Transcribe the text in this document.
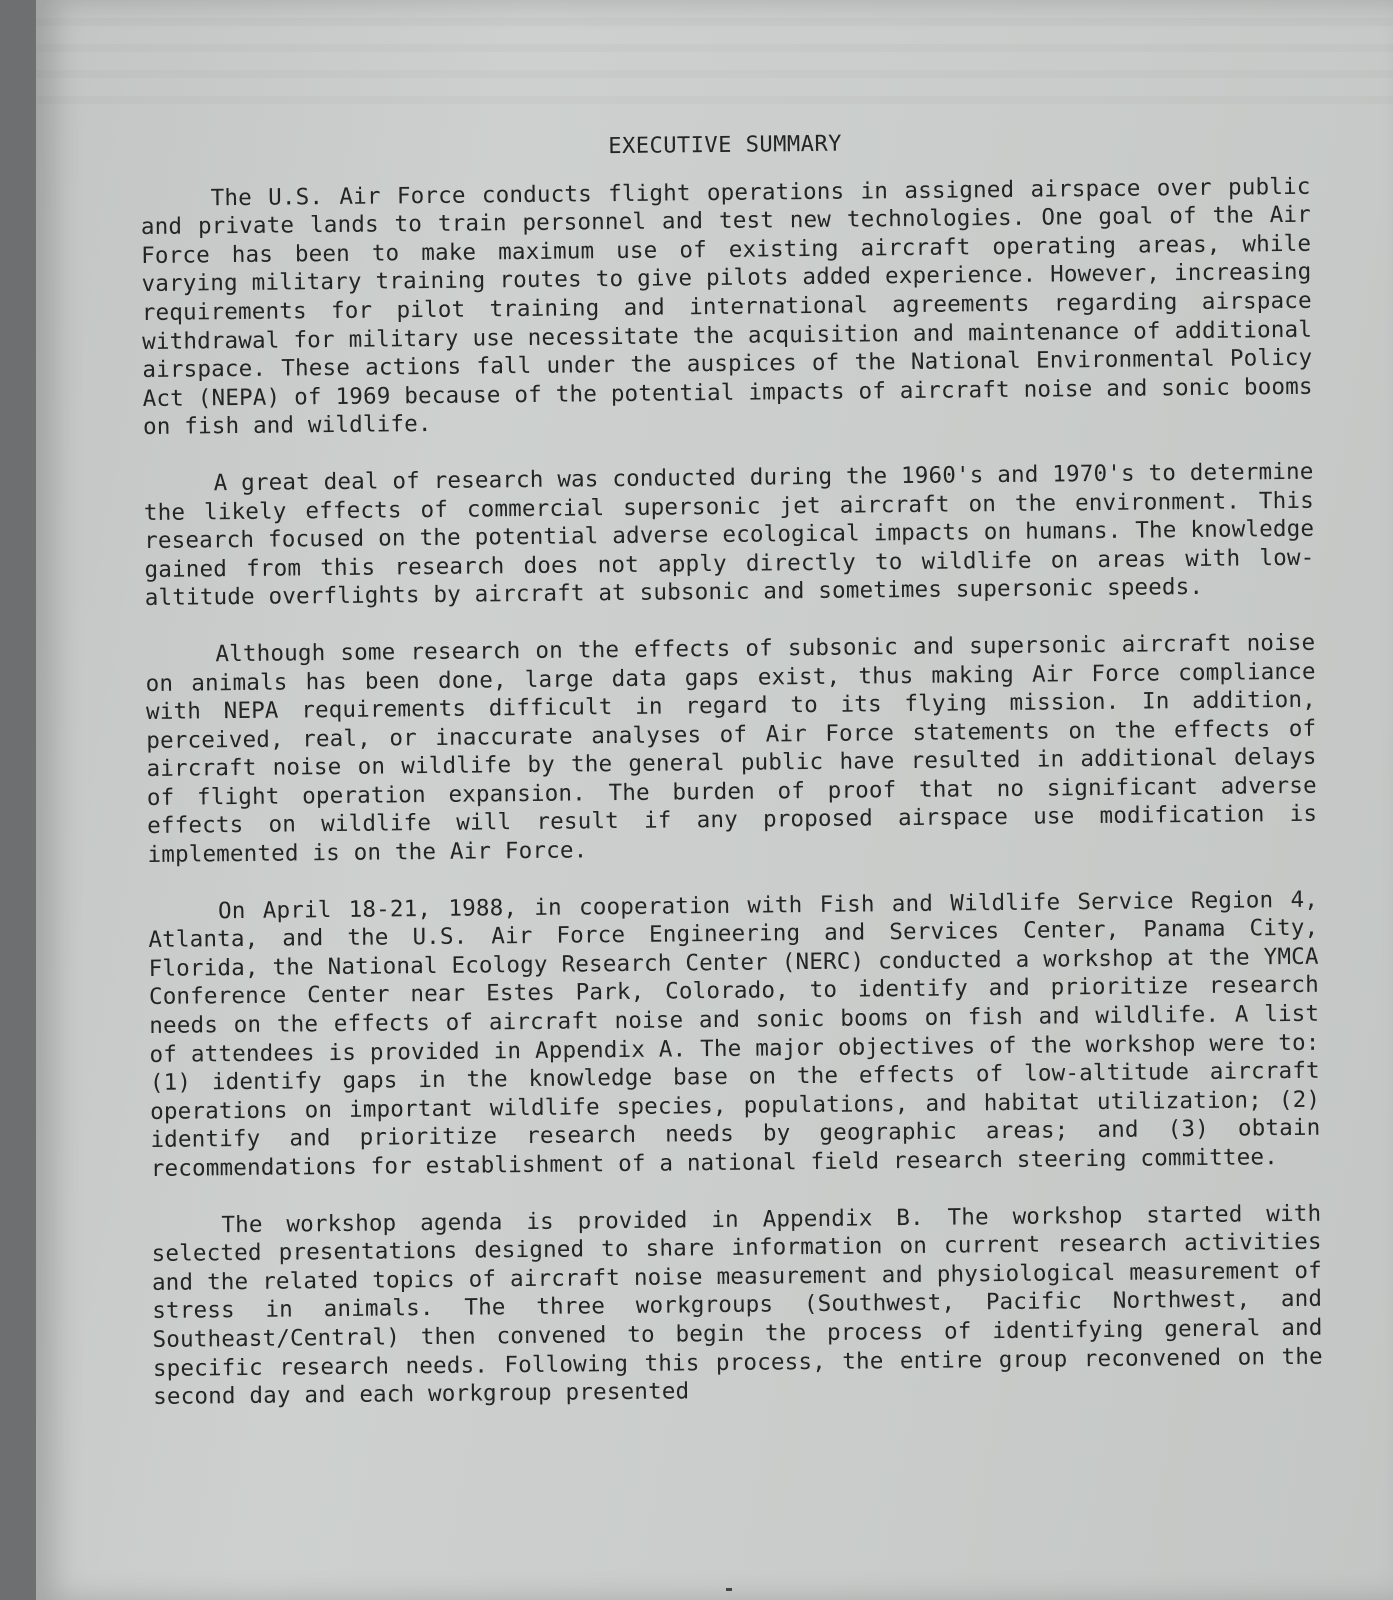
EXECUTIVE SUMMARY

The U.S. Air Force conducts flight operations in assigned airspace over public and private lands to train personnel and test new technologies. One goal of the Air Force has been to make maximum use of existing aircraft operating areas, while varying military training routes to give pilots added experience. However, increasing requirements for pilot training and international agreements regarding airspace withdrawal for military use necessitate the acquisition and maintenance of additional airspace. These actions fall under the auspices of the National Environmental Policy Act (NEPA) of 1969 because of the potential impacts of aircraft noise and sonic booms on fish and wildlife.

A great deal of research was conducted during the 1960's and 1970's to determine the likely effects of commercial supersonic jet aircraft on the environment. This research focused on the potential adverse ecological impacts on humans. The knowledge gained from this research does not apply directly to wildlife on areas with low-altitude overflights by aircraft at subsonic and sometimes supersonic speeds.

Although some research on the effects of subsonic and supersonic aircraft noise on animals has been done, large data gaps exist, thus making Air Force compliance with NEPA requirements difficult in regard to its flying mission. In addition, perceived, real, or inaccurate analyses of Air Force statements on the effects of aircraft noise on wildlife by the general public have resulted in additional delays of flight operation expansion. The burden of proof that no significant adverse effects on wildlife will result if any proposed airspace use modification is implemented is on the Air Force.

On April 18-21, 1988, in cooperation with Fish and Wildlife Service Region 4, Atlanta, and the U.S. Air Force Engineering and Services Center, Panama City, Florida, the National Ecology Research Center (NERC) conducted a workshop at the YMCA Conference Center near Estes Park, Colorado, to identify and prioritize research needs on the effects of aircraft noise and sonic booms on fish and wildlife. A list of attendees is provided in Appendix A. The major objectives of the workshop were to: (1) identify gaps in the knowledge base on the effects of low-altitude aircraft operations on important wildlife species, populations, and habitat utilization; (2) identify and prioritize research needs by geographic areas; and (3) obtain recommendations for establishment of a national field research steering committee.

The workshop agenda is provided in Appendix B. The workshop started with selected presentations designed to share information on current research activities and the related topics of aircraft noise measurement and physiological measurement of stress in animals. The three workgroups (Southwest, Pacific Northwest, and Southeast/Central) then convened to begin the process of identifying general and specific research needs. Following this process, the entire group reconvened on the second day and each workgroup presented
